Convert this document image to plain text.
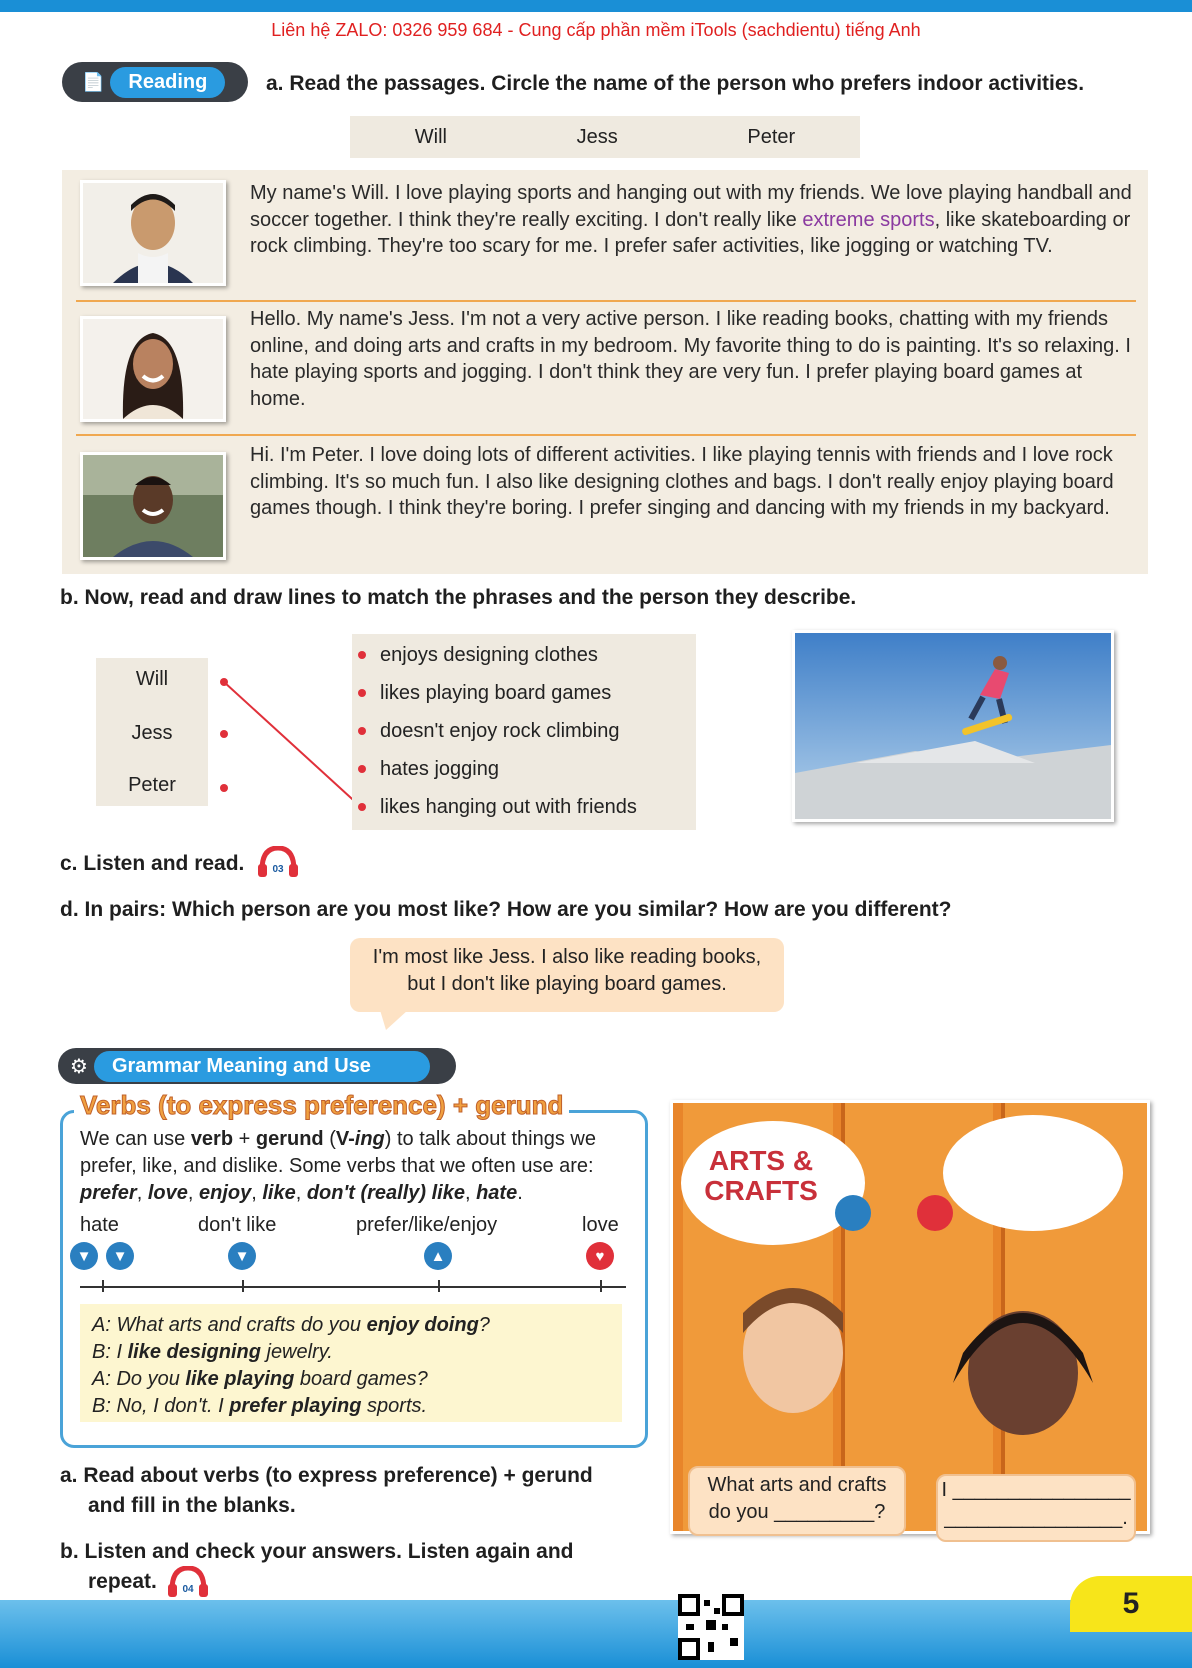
Liên hệ ZALO: 0326 959 684 - Cung cấp phần mềm iTools (sachdientu) tiếng Anh
📄	Reading	a. Read the passages. Circle the name of the person who prefers indoor activities.
Will	Jess	Peter
My name's Will. I love playing sports and hanging out with my friends. We love playing handball and soccer together. I think they're really exciting. I don't really like extreme sports, like skateboarding or rock climbing. They're too scary for me. I prefer safer activities, like jogging or watching TV.
Hello. My name's Jess. I'm not a very active person. I like reading books, chatting with my friends online, and doing arts and crafts in my bedroom. My favorite thing to do is painting. It's so relaxing. I hate playing sports and jogging. I don't think they are very fun. I prefer playing board games at home.
Hi. I'm Peter. I love doing lots of different activities. I like playing tennis with friends and I love rock climbing. It's so much fun. I also like designing clothes and bags. I don't really enjoy playing board games though. I think they're boring. I prefer singing and dancing with my friends in my backyard.
b. Now, read and draw lines to match the phrases and the person they describe.
Will
Jess
Peter
enjoys designing clothes
likes playing board games
doesn't enjoy rock climbing
hates jogging
likes hanging out with friends
c. Listen and read.	03
d. In pairs: Which person are you most like? How are you similar? How are you different?
I'm most like Jess. I also like reading books,
but I don't like playing board games.
⚙	Grammar Meaning and Use
Verbs (to express preference) + gerund
We can use verb + gerund (V-ing) to talk about things we prefer, like, and dislike. Some verbs that we often use are: prefer, love, enjoy, like, don't (really) like, hate.
hate	don't like	prefer/like/enjoy	love
▼	▼	▼	▲	♥
A: What arts and crafts do you enjoy doing?
B: I like designing jewelry.
A: Do you like playing board games?
B: No, I don't. I prefer playing sports.
a. Read about verbs (to express preference) + gerund
and fill in the blanks.
b. Listen and check your answers. Listen again and
repeat.	04
ARTS & CRAFTS
What arts and crafts
do you _________?
I ________________
________________.
5
